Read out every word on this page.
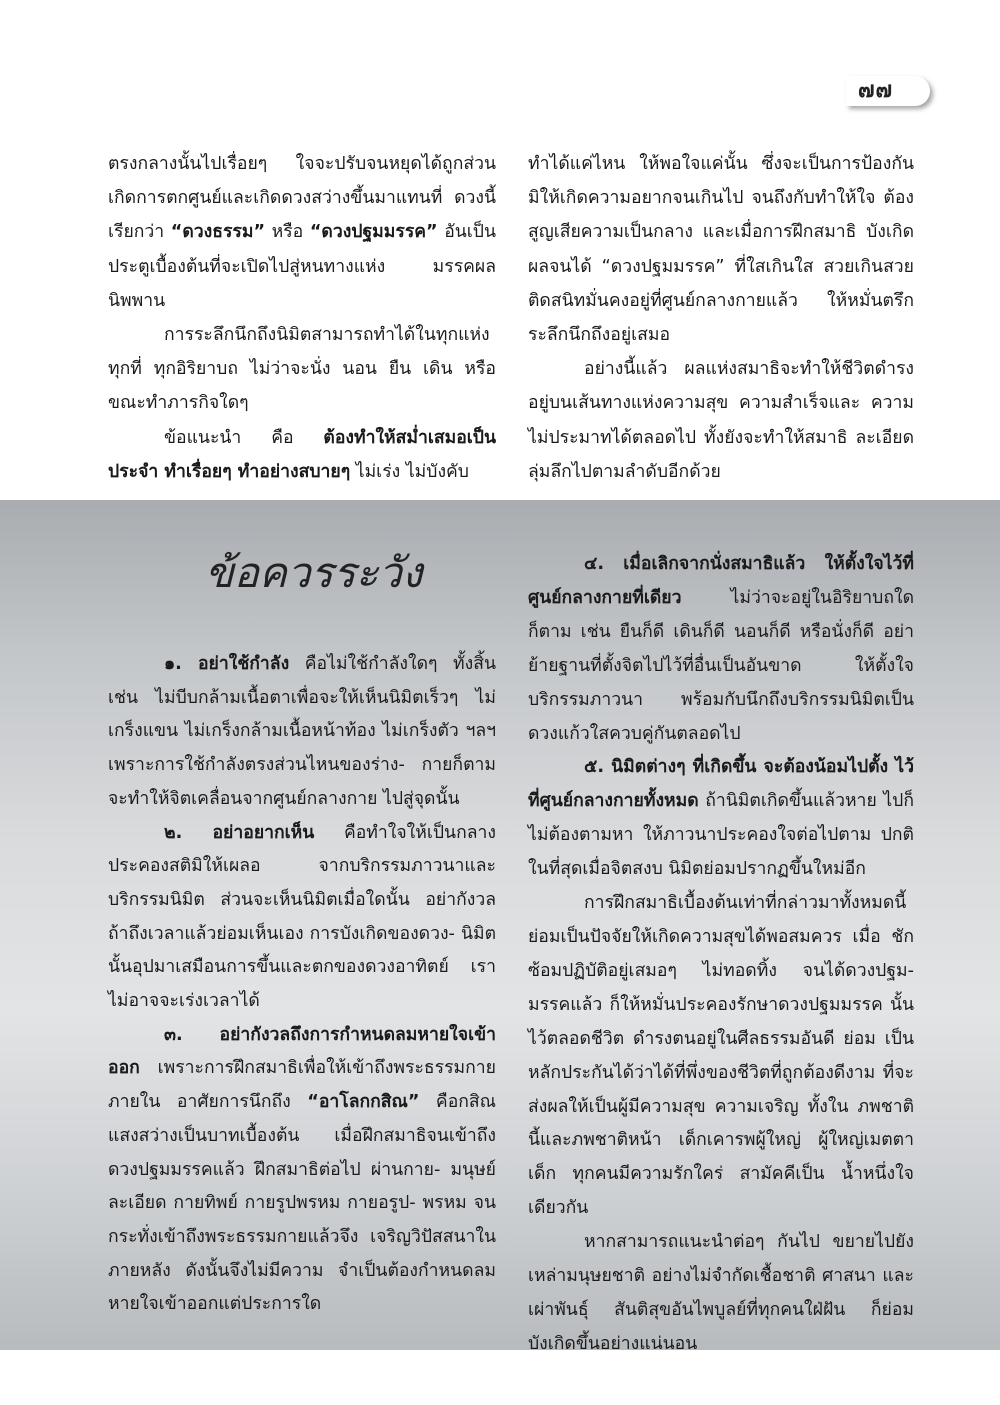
๗๗

ตรงกลางนั้นไปเรื่อยๆ ใจจะปรับจนหยุดได้ถูกส่วน เกิดการตกศูนย์และเกิดดวงสว่างขึ้นมาแทนที่ ดวงนี้เรียกว่า “ดวงธรรม” หรือ “ดวงปฐมมรรค” อันเป็นประตูเบื้องต้นที่จะเปิดไปสู่หนทางแห่ง มรรคผลนิพพาน

การระลึกนึกถึงนิมิตสามารถทำได้ในทุกแห่ง ทุกที่ ทุกอิริยาบถ ไม่ว่าจะนั่ง นอน ยืน เดิน หรือ ขณะทำภารกิจใดๆ

ข้อแนะนำ คือ ต้องทำให้สม่ำเสมอเป็น ประจำ ทำเรื่อยๆ ทำอย่างสบายๆ ไม่เร่ง ไม่บังคับ

ทำได้แค่ไหน ให้พอใจแค่นั้น ซึ่งจะเป็นการป้องกัน มิให้เกิดความอยากจนเกินไป จนถึงกับทำให้ใจ ต้องสูญเสียความเป็นกลาง และเมื่อการฝึกสมาธิ บังเกิดผลจนได้ “ดวงปฐมมรรค” ที่ใสเกินใส สวยเกินสวย ติดสนิทมั่นคงอยู่ที่ศูนย์กลางกายแล้ว ให้หมั่นตรึกระลึกนึกถึงอยู่เสมอ

อย่างนี้แล้ว ผลแห่งสมาธิจะทำให้ชีวิตดำรง อยู่บนเส้นทางแห่งความสุข ความสำเร็จและ ความไม่ประมาทได้ตลอดไป ทั้งยังจะทำให้สมาธิ ละเอียดลุ่มลึกไปตามลำดับอีกด้วย

ข้อควรระวัง

๑. อย่าใช้กำลัง คือไม่ใช้กำลังใดๆ ทั้งสิ้น เช่น ไม่บีบกล้ามเนื้อตาเพื่อจะให้เห็นนิมิตเร็วๆ ไม่เกร็งแขน ไม่เกร็งกล้ามเนื้อหน้าท้อง ไม่เกร็งตัว ฯลฯ เพราะการใช้กำลังตรงส่วนไหนของร่าง- กายก็ตาม จะทำให้จิตเคลื่อนจากศูนย์กลางกาย ไปสู่จุดนั้น

๒. อย่าอยากเห็น คือทำใจให้เป็นกลาง ประคองสติมิให้เผลอ จากบริกรรมภาวนาและ บริกรรมนิมิต ส่วนจะเห็นนิมิตเมื่อใดนั้น อย่ากังวล ถ้าถึงเวลาแล้วย่อมเห็นเอง การบังเกิดของดวง- นิมิตนั้นอุปมาเสมือนการขึ้นและตกของดวงอาทิตย์ เราไม่อาจจะเร่งเวลาได้

๓. อย่ากังวลถึงการกำหนดลมหายใจเข้า ออก เพราะการฝึกสมาธิเพื่อให้เข้าถึงพระธรรมกาย ภายใน อาศัยการนึกถึง “อาโลกกสิณ” คือกสิณ แสงสว่างเป็นบาทเบื้องต้น เมื่อฝึกสมาธิจนเข้าถึง ดวงปฐมมรรคแล้ว ฝึกสมาธิต่อไป ผ่านกาย- มนุษย์ละเอียด กายทิพย์ กายรูปพรหม กายอรูป- พรหม จนกระทั่งเข้าถึงพระธรรมกายแล้วจึง เจริญวิปัสสนาในภายหลัง ดังนั้นจึงไม่มีความ จำเป็นต้องกำหนดลมหายใจเข้าออกแต่ประการใด

๔. เมื่อเลิกจากนั่งสมาธิแล้ว ให้ตั้งใจไว้ที่ ศูนย์กลางกายที่เดียว ไม่ว่าจะอยู่ในอิริยาบถใด ก็ตาม เช่น ยืนก็ดี เดินก็ดี นอนก็ดี หรือนั่งก็ดี อย่าย้ายฐานที่ตั้งจิตไปไว้ที่อื่นเป็นอันขาด ให้ตั้งใจ บริกรรมภาวนา พร้อมกับนึกถึงบริกรรมนิมิตเป็น ดวงแก้วใสควบคู่กันตลอดไป

๕. นิมิตต่างๆ ที่เกิดขึ้น จะต้องน้อมไปตั้ง ไว้ที่ศูนย์กลางกายทั้งหมด ถ้านิมิตเกิดขึ้นแล้วหาย ไปก็ไม่ต้องตามหา ให้ภาวนาประคองใจต่อไปตาม ปกติในที่สุดเมื่อจิตสงบ นิมิตย่อมปรากฏขึ้นใหม่อีก

การฝึกสมาธิเบื้องต้นเท่าที่กล่าวมาทั้งหมดนี้ ย่อมเป็นปัจจัยให้เกิดความสุขได้พอสมควร เมื่อ ชักซ้อมปฏิบัติอยู่เสมอๆ ไม่ทอดทิ้ง จนได้ดวงปฐม- มรรคแล้ว ก็ให้หมั่นประคองรักษาดวงปฐมมรรค นั้นไว้ตลอดชีวิต ดำรงตนอยู่ในศีลธรรมอันดี ย่อม เป็นหลักประกันได้ว่าได้ที่พึ่งของชีวิตที่ถูกต้องดีงาม ที่จะส่งผลให้เป็นผู้มีความสุข ความเจริญ ทั้งใน ภพชาตินี้และภพชาติหน้า เด็กเคารพผู้ใหญ่ ผู้ใหญ่เมตตาเด็ก ทุกคนมีความรักใคร่ สามัคคีเป็น น้ำหนึ่งใจเดียวกัน

หากสามารถแนะนำต่อๆ กันไป ขยายไปยัง เหล่ามนุษยชาติ อย่างไม่จำกัดเชื้อชาติ ศาสนา และเผ่าพันธุ์ สันติสุขอันไพบูลย์ที่ทุกคนใฝ่ฝัน ก็ย่อมบังเกิดขึ้นอย่างแน่นอน
